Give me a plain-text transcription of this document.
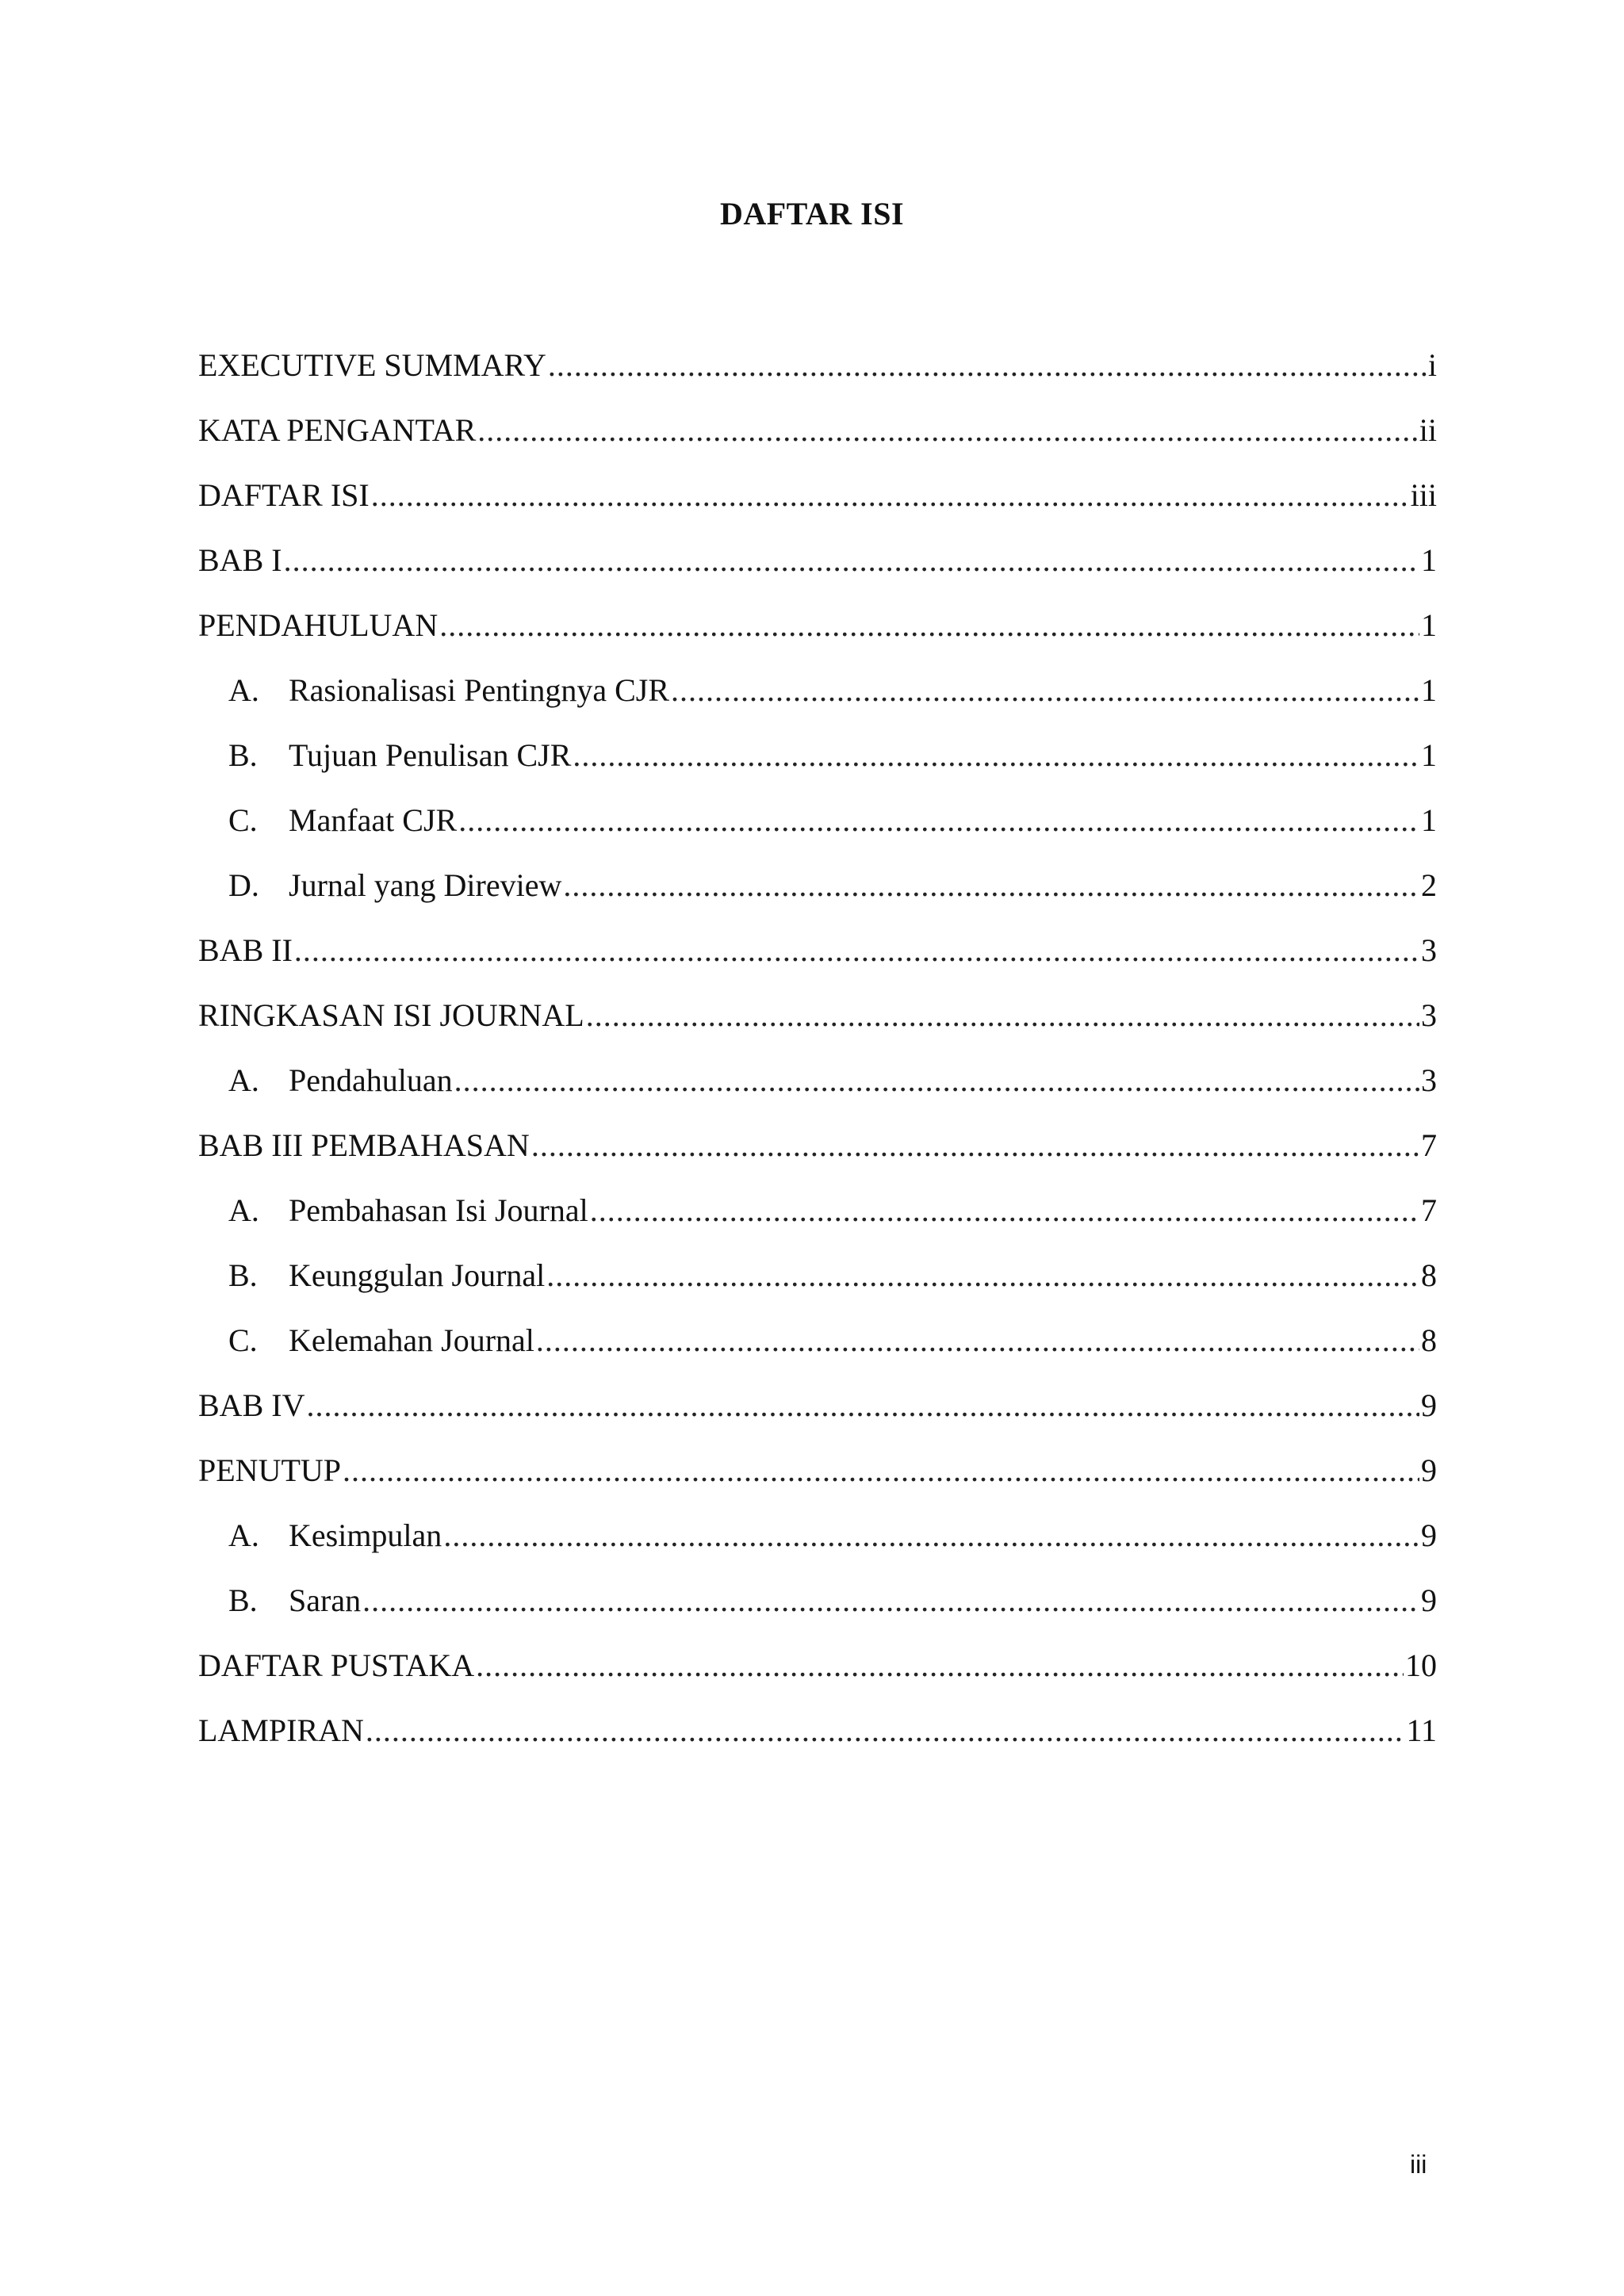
DAFTAR ISI
EXECUTIVE SUMMARY .....	i
KATA PENGANTAR .....	ii
DAFTAR ISI .....	iii
BAB I .....	1
PENDAHULUAN .....	1
A. Rasionalisasi Pentingnya CJR .....	1
B. Tujuan Penulisan CJR .....	1
C. Manfaat CJR .....	1
D. Jurnal yang Direview .....	2
BAB II .....	3
RINGKASAN ISI JOURNAL .....	3
A. Pendahuluan .....	3
BAB III PEMBAHASAN .....	7
A. Pembahasan Isi Journal .....	7
B. Keunggulan Journal .....	8
C. Kelemahan Journal .....	8
BAB IV .....	9
PENUTUP .....	9
A. Kesimpulan .....	9
B. Saran .....	9
DAFTAR PUSTAKA .....	10
LAMPIRAN .....	11
iii
